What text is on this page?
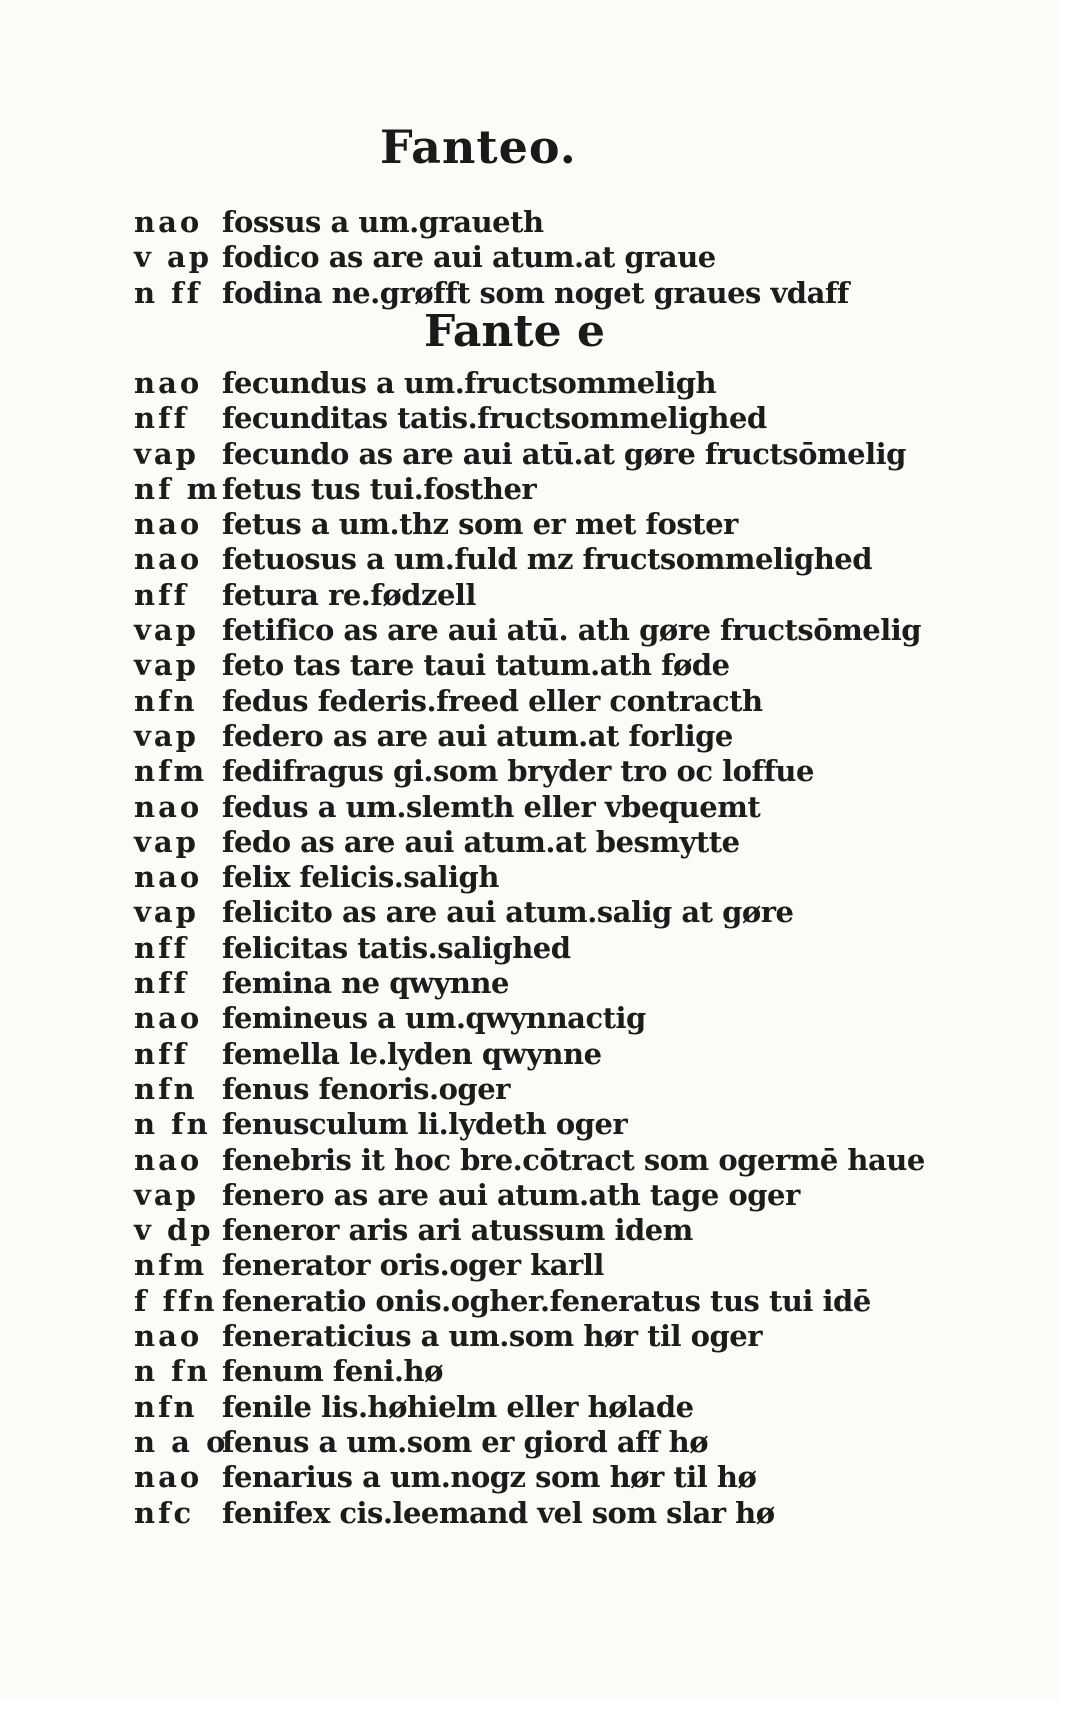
Fanteo.
nao fossus a um.graueth
v ap fodico as are aui atum.at graue
n ff fodina ne.grøfft som noget graues vdaff
Fante e
nao fecundus a um.fructsommeligh
nff fecunditas tatis.fructsommelighed
vap fecundo as are aui atū.at gøre fructsōmelig
nf mfetus tus tui.fosther
nao fetus a um.thz som er met foster
nao fetuosus a um.fuld mz fructsommelighed
nff fetura re.fødzell
vap fetifico as are aui atū. ath gøre fructsōmelig
vap feto tas tare taui tatum.ath føde
nfn fedus federis.freed eller contracth
vap federo as are aui atum.at forlige
nfm fedifragus gi.som bryder tro oc loffue
nao fedus a um.slemth eller vbequemt
vap fedo as are aui atum.at besmytte
nao felix felicis.saligh
vap felicito as are aui atum.salig at gøre
nff felicitas tatis.salighed
nff femina ne qwynne
nao femineus a um.qwynnactig
nff femella le.lyden qwynne
nfn fenus fenoris.oger
n fn fenusculum li.lydeth oger
nao fenebris it hoc bre.cōtract som ogermē haue
vap fenero as are aui atum.ath tage oger
v dp feneror aris ari atussum idem
nfm fenerator oris.oger karll
f ffn feneratio onis.ogher.feneratus tus tui idē
nao feneraticius a um.som hør til oger
n fn fenum feni.hø
nfn fenile lis.høhielm eller hølade
n a ofenus a um.som er giord aff hø
nao fenarius a um.nogz som hør til hø
nfc fenifex cis.leemand vel som slar hø
